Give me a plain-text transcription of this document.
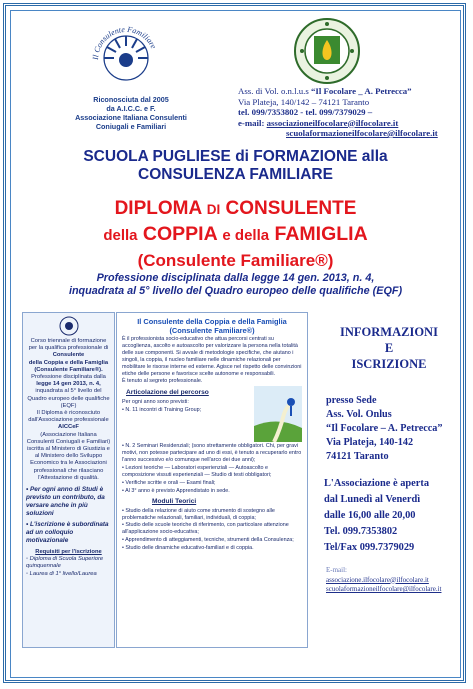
Il Consulente Familiare
Riconosciuta dal 2005
da A.I.C.C. e F.
Associazione Italiana Consulenti
Coniugali e Familiari
Ass. di Vol. o.n.l.u.s “Il Focolare _ A. Petrecca”
Via Plateja, 140/142 – 74121 Taranto
tel. 099/7353802 - tel. 099/7379029 –
e-mail: associazioneilfocolare@ilfocolare.it
scuolaformazioneilfocolare@ilfocolare.it
SCUOLA PUGLIESE di FORMAZIONE alla
CONSULENZA FAMILIARE
DIPLOMA DI CONSULENTE
della COPPIA e della FAMIGLIA
(Consulente Familiare®)
Professione disciplinata dalla legge 14 gen. 2013, n. 4,
inquadrata al 5° livello del Quadro europeo delle qualifiche (EQF)
Corso triennale di formazione per la qualifica professionale di
Consulente
della Coppia e della Famiglia
(Consulente Familiare®).
Professione disciplinata dalla
legge 14 gen 2013, n. 4,
inquadrata al 5° livello del Quadro europeo delle qualifiche (EQF)
Il Diploma è riconosciuto dall'Associazione professionale
AICCeF
(Associazione Italiana Consulenti Coniugali e Familiari)
iscritta al Ministero di Giustizia e al Ministero dello Sviluppo Economico tra le Associazioni professionali che rilasciano l'Attestazione di qualità.
• Per ogni anno di Studi è previsto un contributo, da versare anche in più soluzioni
• L'iscrizione è subordinata ad un colloquio motivazionale
Requisiti per l'iscrizione
◦ Diploma di Scuola Superiore quinquennale
◦ Laurea di 1° livello/Laurea
Il Consulente della Coppia e della Famiglia
(Consulente Familiare®)

È il professionista socio-educativo che attua percorsi centrati su accoglienza, ascolto e autoascolto per valorizzare la persona nella totalità delle sue componenti. Si avvale di metodologie specifiche, che aiutano i singoli, la coppia, il nucleo familiare nelle dinamiche relazionali per mobilitare le risorse interne ed esterne. Agisce nel rispetto delle convinzioni etiche delle persone e favorisce scelte autonome e responsabili.

È tenuto al segreto professionale.

Articolazione del percorso

Per ogni anno sono previsti:

• N. 11 incontri di Training Group;

• N. 2 Seminari Residenziali; (sono strettamente obbligatori. Chi, per gravi motivi, non potesse partecipare ad uno di essi, è tenuto a recuperarlo entro l'anno successivo e/o comunque nell'arco dei due anni);

• Lezioni teoriche — Laboratori esperienziali — Autoascolto e composizione vissuti esperienziali — Studio di testi obbligatori;

• Verifiche scritte e orali — Esami finali;

• Al 3° anno è previsto Apprendistato in sede.

Moduli Teorici

• Studio della relazione di aiuto come strumento di sostegno alle problematiche relazionali, familiari, individuali, di coppia;

• Studio delle scuole teoriche di riferimento, con particolare attenzione all'applicazione socio-educativa;

• Apprendimento di atteggiamenti, tecniche, strumenti della Consulenza;

• Studio delle dinamiche educativo-familiari e di coppia.

INFORMAZIONI
E
ISCRIZIONE
presso Sede
Ass. Vol. Onlus
“Il Focolare – A. Petrecca”
Via Plateja, 140-142
74121 Taranto
L'Associazione è aperta
dal Lunedì al Venerdì
dalle 16,00 alle 20,00
Tel. 099.7353802
Tel/Fax 099.7379029
E-mail:
associazione.ilfocolare@ilfocolare.it
scuolaformazioneilfocolare@ilfocolare.it
